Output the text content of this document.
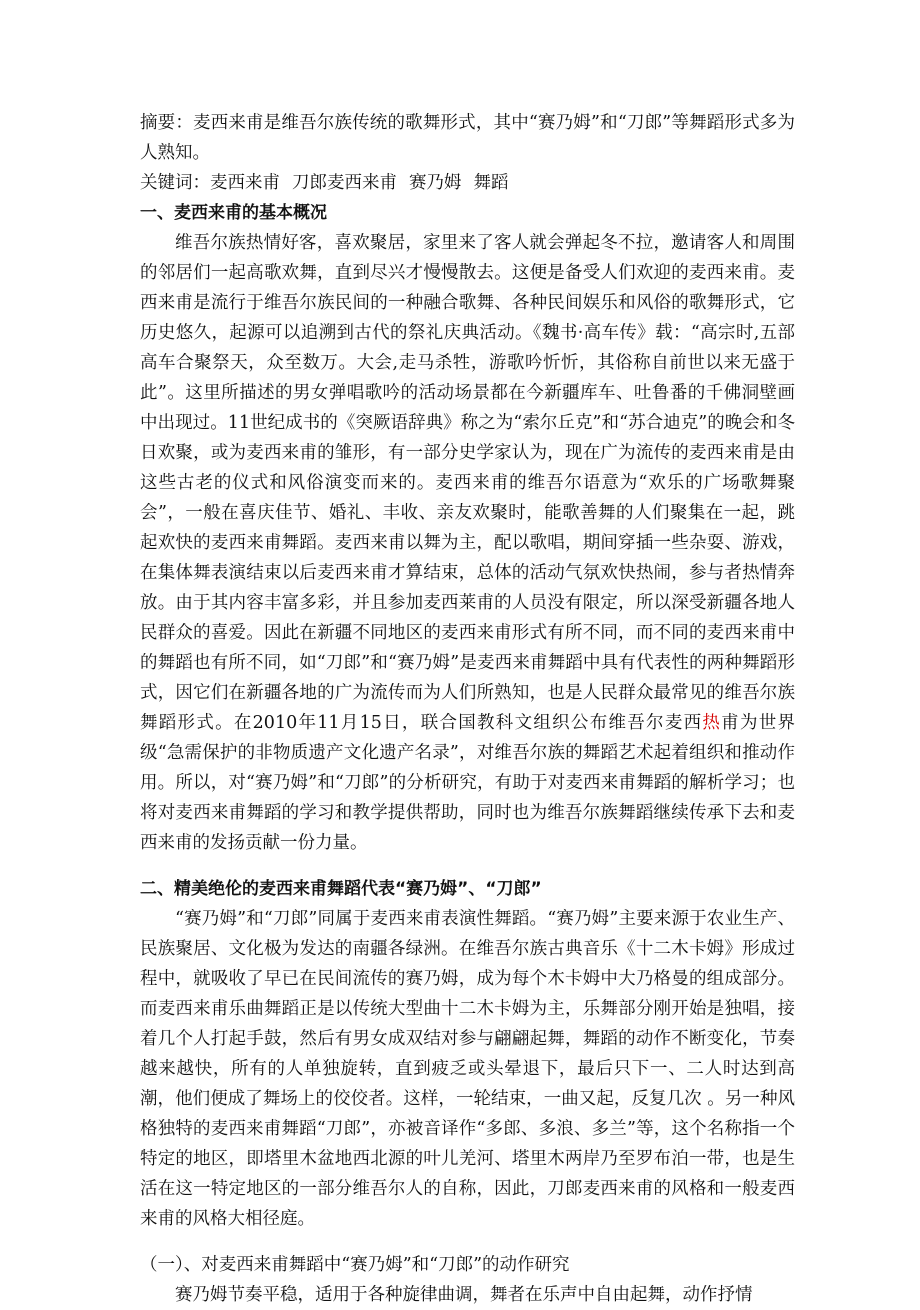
摘要：麦西来甫是维吾尔族传统的歌舞形式，其中“赛乃姆”和“刀郎”等舞蹈形式多为人熟知。

关键词：麦西来甫 刀郎麦西来甫 赛乃姆 舞蹈

一、麦西来甫的基本概况

维吾尔族热情好客，喜欢聚居，家里来了客人就会弹起冬不拉，邀请客人和周围的邻居们一起高歌欢舞，直到尽兴才慢慢散去。这便是备受人们欢迎的麦西来甫。麦西来甫是流行于维吾尔族民间的一种融合歌舞、各种民间娱乐和风俗的歌舞形式，它历史悠久，起源可以追溯到古代的祭礼庆典活动。《魏书·高车传》载：“高宗时,五部高车合聚祭天，众至数万。大会,走马杀牲，游歌吟忻忻，其俗称自前世以来无盛于此”。这里所描述的男女弹唱歌吟的活动场景都在今新疆库车、吐鲁番的千佛洞壁画中出现过。11世纪成书的《突厥语辞典》称之为“索尔丘克”和“苏合迪克”的晚会和冬日欢聚，或为麦西来甫的雏形，有一部分史学家认为，现在广为流传的麦西来甫是由这些古老的仪式和风俗演变而来的。麦西来甫的维吾尔语意为“欢乐的广场歌舞聚会”，一般在喜庆佳节、婚礼、丰收、亲友欢聚时，能歌善舞的人们聚集在一起，跳起欢快的麦西来甫舞蹈。麦西来甫以舞为主，配以歌唱，期间穿插一些杂耍、游戏，在集体舞表演结束以后麦西来甫才算结束，总体的活动气氛欢快热闹，参与者热情奔放。由于其内容丰富多彩，并且参加麦西莱甫的人员没有限定，所以深受新疆各地人民群众的喜爱。因此在新疆不同地区的麦西来甫形式有所不同，而不同的麦西来甫中的舞蹈也有所不同，如“刀郎”和“赛乃姆”是麦西来甫舞蹈中具有代表性的两种舞蹈形式，因它们在新疆各地的广为流传而为人们所熟知，也是人民群众最常见的维吾尔族舞蹈形式。在2010年11月15日，联合国教科文组织公布维吾尔麦西热甫为世界级“急需保护的非物质遗产文化遗产名录”，对维吾尔族的舞蹈艺术起着组织和推动作用。所以，对“赛乃姆”和“刀郎”的分析研究，有助于对麦西来甫舞蹈的解析学习；也将对麦西来甫舞蹈的学习和教学提供帮助，同时也为维吾尔族舞蹈继续传承下去和麦西来甫的发扬贡献一份力量。

二、精美绝伦的麦西来甫舞蹈代表“赛乃姆”、“刀郎”

“赛乃姆”和“刀郎”同属于麦西来甫表演性舞蹈。“赛乃姆”主要来源于农业生产、民族聚居、文化极为发达的南疆各绿洲。在维吾尔族古典音乐《十二木卡姆》形成过程中，就吸收了早已在民间流传的赛乃姆，成为每个木卡姆中大乃格曼的组成部分。而麦西来甫乐曲舞蹈正是以传统大型曲十二木卡姆为主，乐舞部分刚开始是独唱，接着几个人打起手鼓，然后有男女成双结对参与翩翩起舞，舞蹈的动作不断变化，节奏越来越快，所有的人单独旋转，直到疲乏或头晕退下，最后只下一、二人时达到高潮，他们便成了舞场上的佼佼者。这样，一轮结束，一曲又起，反复几次 。另一种风格独特的麦西来甫舞蹈“刀郎”，亦被音译作“多郎、多浪、多兰”等，这个名称指一个特定的地区，即塔里木盆地西北源的叶儿羌河、塔里木两岸乃至罗布泊一带，也是生活在这一特定地区的一部分维吾尔人的自称，因此，刀郎麦西来甫的风格和一般麦西来甫的风格大相径庭。

（一）、对麦西来甫舞蹈中“赛乃姆”和“刀郎”的动作研究

赛乃姆节奏平稳，适用于各种旋律曲调，舞者在乐声中自由起舞，动作抒情
